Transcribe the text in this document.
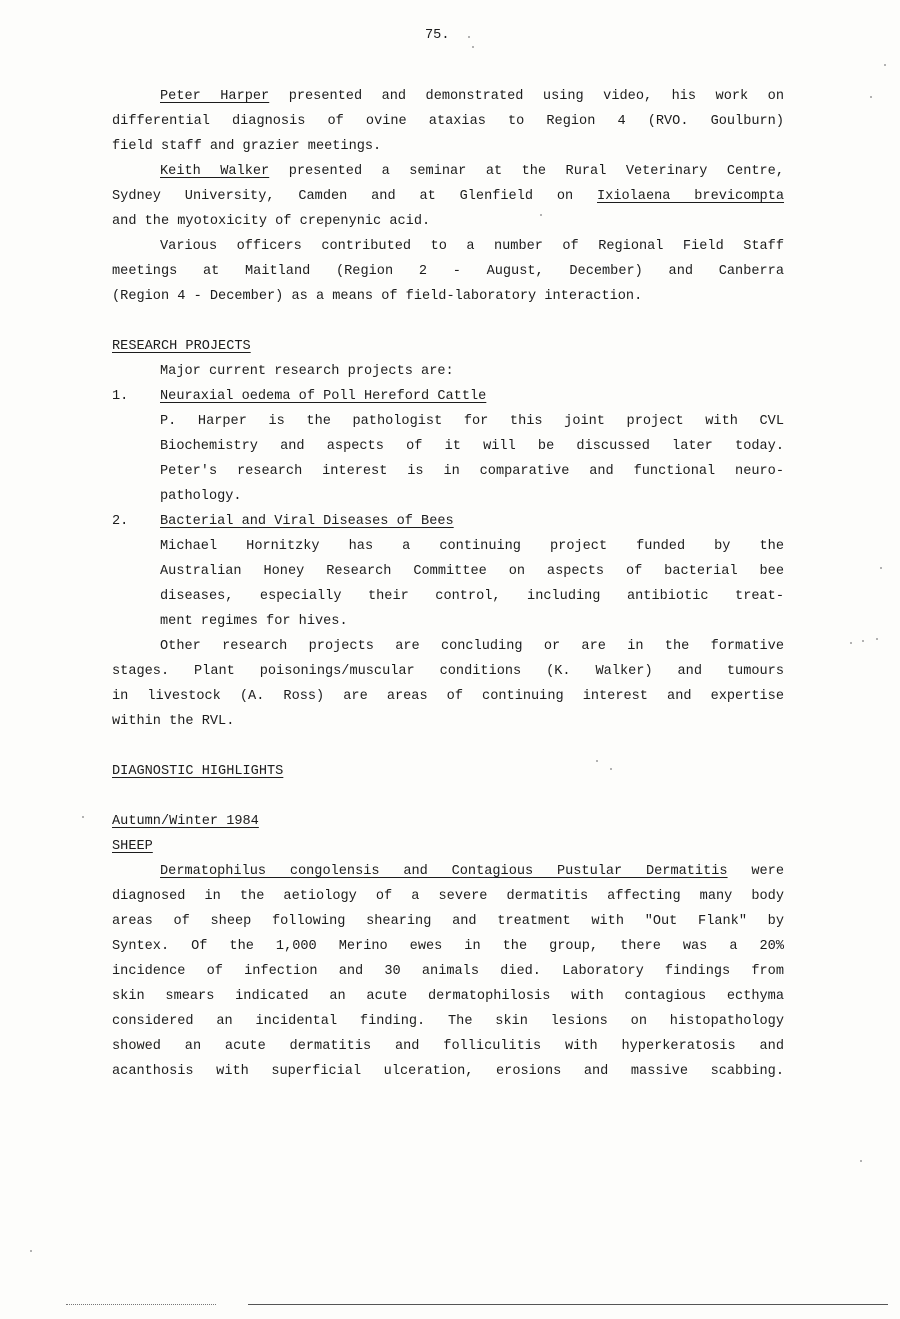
75.
Peter Harper presented and demonstrated using video, his work on
differential diagnosis of ovine ataxias to Region 4 (RVO. Goulburn)
field staff and grazier meetings.
Keith Walker presented a seminar at the Rural Veterinary Centre,
Sydney University, Camden and at Glenfield on Ixiolaena brevicompta
and the myotoxicity of crepenynic acid.
Various officers contributed to a number of Regional Field Staff
meetings at Maitland (Region 2 - August, December) and Canberra
(Region 4 - December) as a means of field-laboratory interaction.
RESEARCH PROJECTS
Major current research projects are:
1. Neuraxial oedema of Poll Hereford Cattle
P. Harper is the pathologist for this joint project with CVL
Biochemistry and aspects of it will be discussed later today.
Peter's research interest is in comparative and functional neuro-
pathology.
2. Bacterial and Viral Diseases of Bees
Michael Hornitzky has a continuing project funded by the
Australian Honey Research Committee on aspects of bacterial bee
diseases, especially their control, including antibiotic treat-
ment regimes for hives.
Other research projects are concluding or are in the formative
stages. Plant poisonings/muscular conditions (K. Walker) and tumours
in livestock (A. Ross) are areas of continuing interest and expertise
within the RVL.
DIAGNOSTIC HIGHLIGHTS
Autumn/Winter 1984
SHEEP
Dermatophilus congolensis and Contagious Pustular Dermatitis were
diagnosed in the aetiology of a severe dermatitis affecting many body
areas of sheep following shearing and treatment with "Out Flank" by
Syntex. Of the 1,000 Merino ewes in the group, there was a 20%
incidence of infection and 30 animals died. Laboratory findings from
skin smears indicated an acute dermatophilosis with contagious ecthyma
considered an incidental finding. The skin lesions on histopathology
showed an acute dermatitis and folliculitis with hyperkeratosis and
acanthosis with superficial ulceration, erosions and massive scabbing.
